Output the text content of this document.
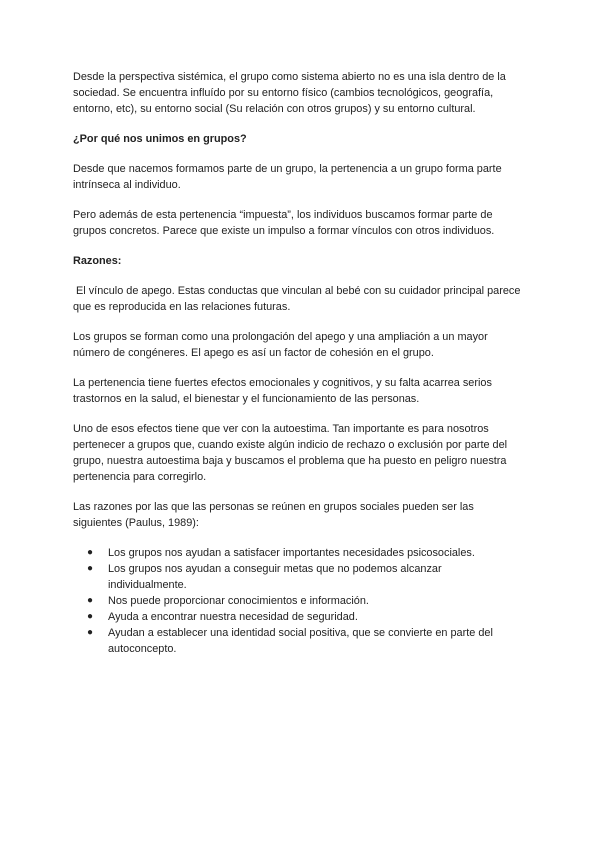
Desde la perspectiva sistémica, el grupo como sistema abierto no es una isla dentro de la sociedad. Se encuentra influído por su entorno físico (cambios tecnológicos, geografía, entorno, etc), su entorno social (Su relación con otros grupos) y su entorno cultural.

¿Por qué nos unimos en grupos?

Desde que nacemos formamos parte de un grupo, la pertenencia a un grupo forma parte intrínseca al individuo.

Pero además de esta pertenencia “impuesta”, los individuos buscamos formar parte de grupos concretos. Parece que existe un impulso a formar vínculos con otros individuos.

Razones:

El vínculo de apego. Estas conductas que vinculan al bebé con su cuidador principal parece que es reproducida en las relaciones futuras.

Los grupos se forman como una prolongación del apego y una ampliación a un mayor número de congéneres. El apego es así un factor de cohesión en el grupo.

La pertenencia tiene fuertes efectos emocionales y cognitivos, y su falta acarrea serios trastornos en la salud, el bienestar y el funcionamiento de las personas.

Uno de esos efectos tiene que ver con la autoestima. Tan importante es para nosotros pertenecer a grupos que, cuando existe algún indicio de rechazo o exclusión por parte del grupo, nuestra autoestima baja y buscamos el problema que ha puesto en peligro nuestra pertenencia para corregirlo.

Las razones por las que las personas se reúnen en grupos sociales pueden ser las siguientes (Paulus, 1989):

● Los grupos nos ayudan a satisfacer importantes necesidades psicosociales.
● Los grupos nos ayudan a conseguir metas que no podemos alcanzar individualmente.
● Nos puede proporcionar conocimientos e información.
● Ayuda a encontrar nuestra necesidad de seguridad.
● Ayudan a establecer una identidad social positiva, que se convierte en parte del autoconcepto.
